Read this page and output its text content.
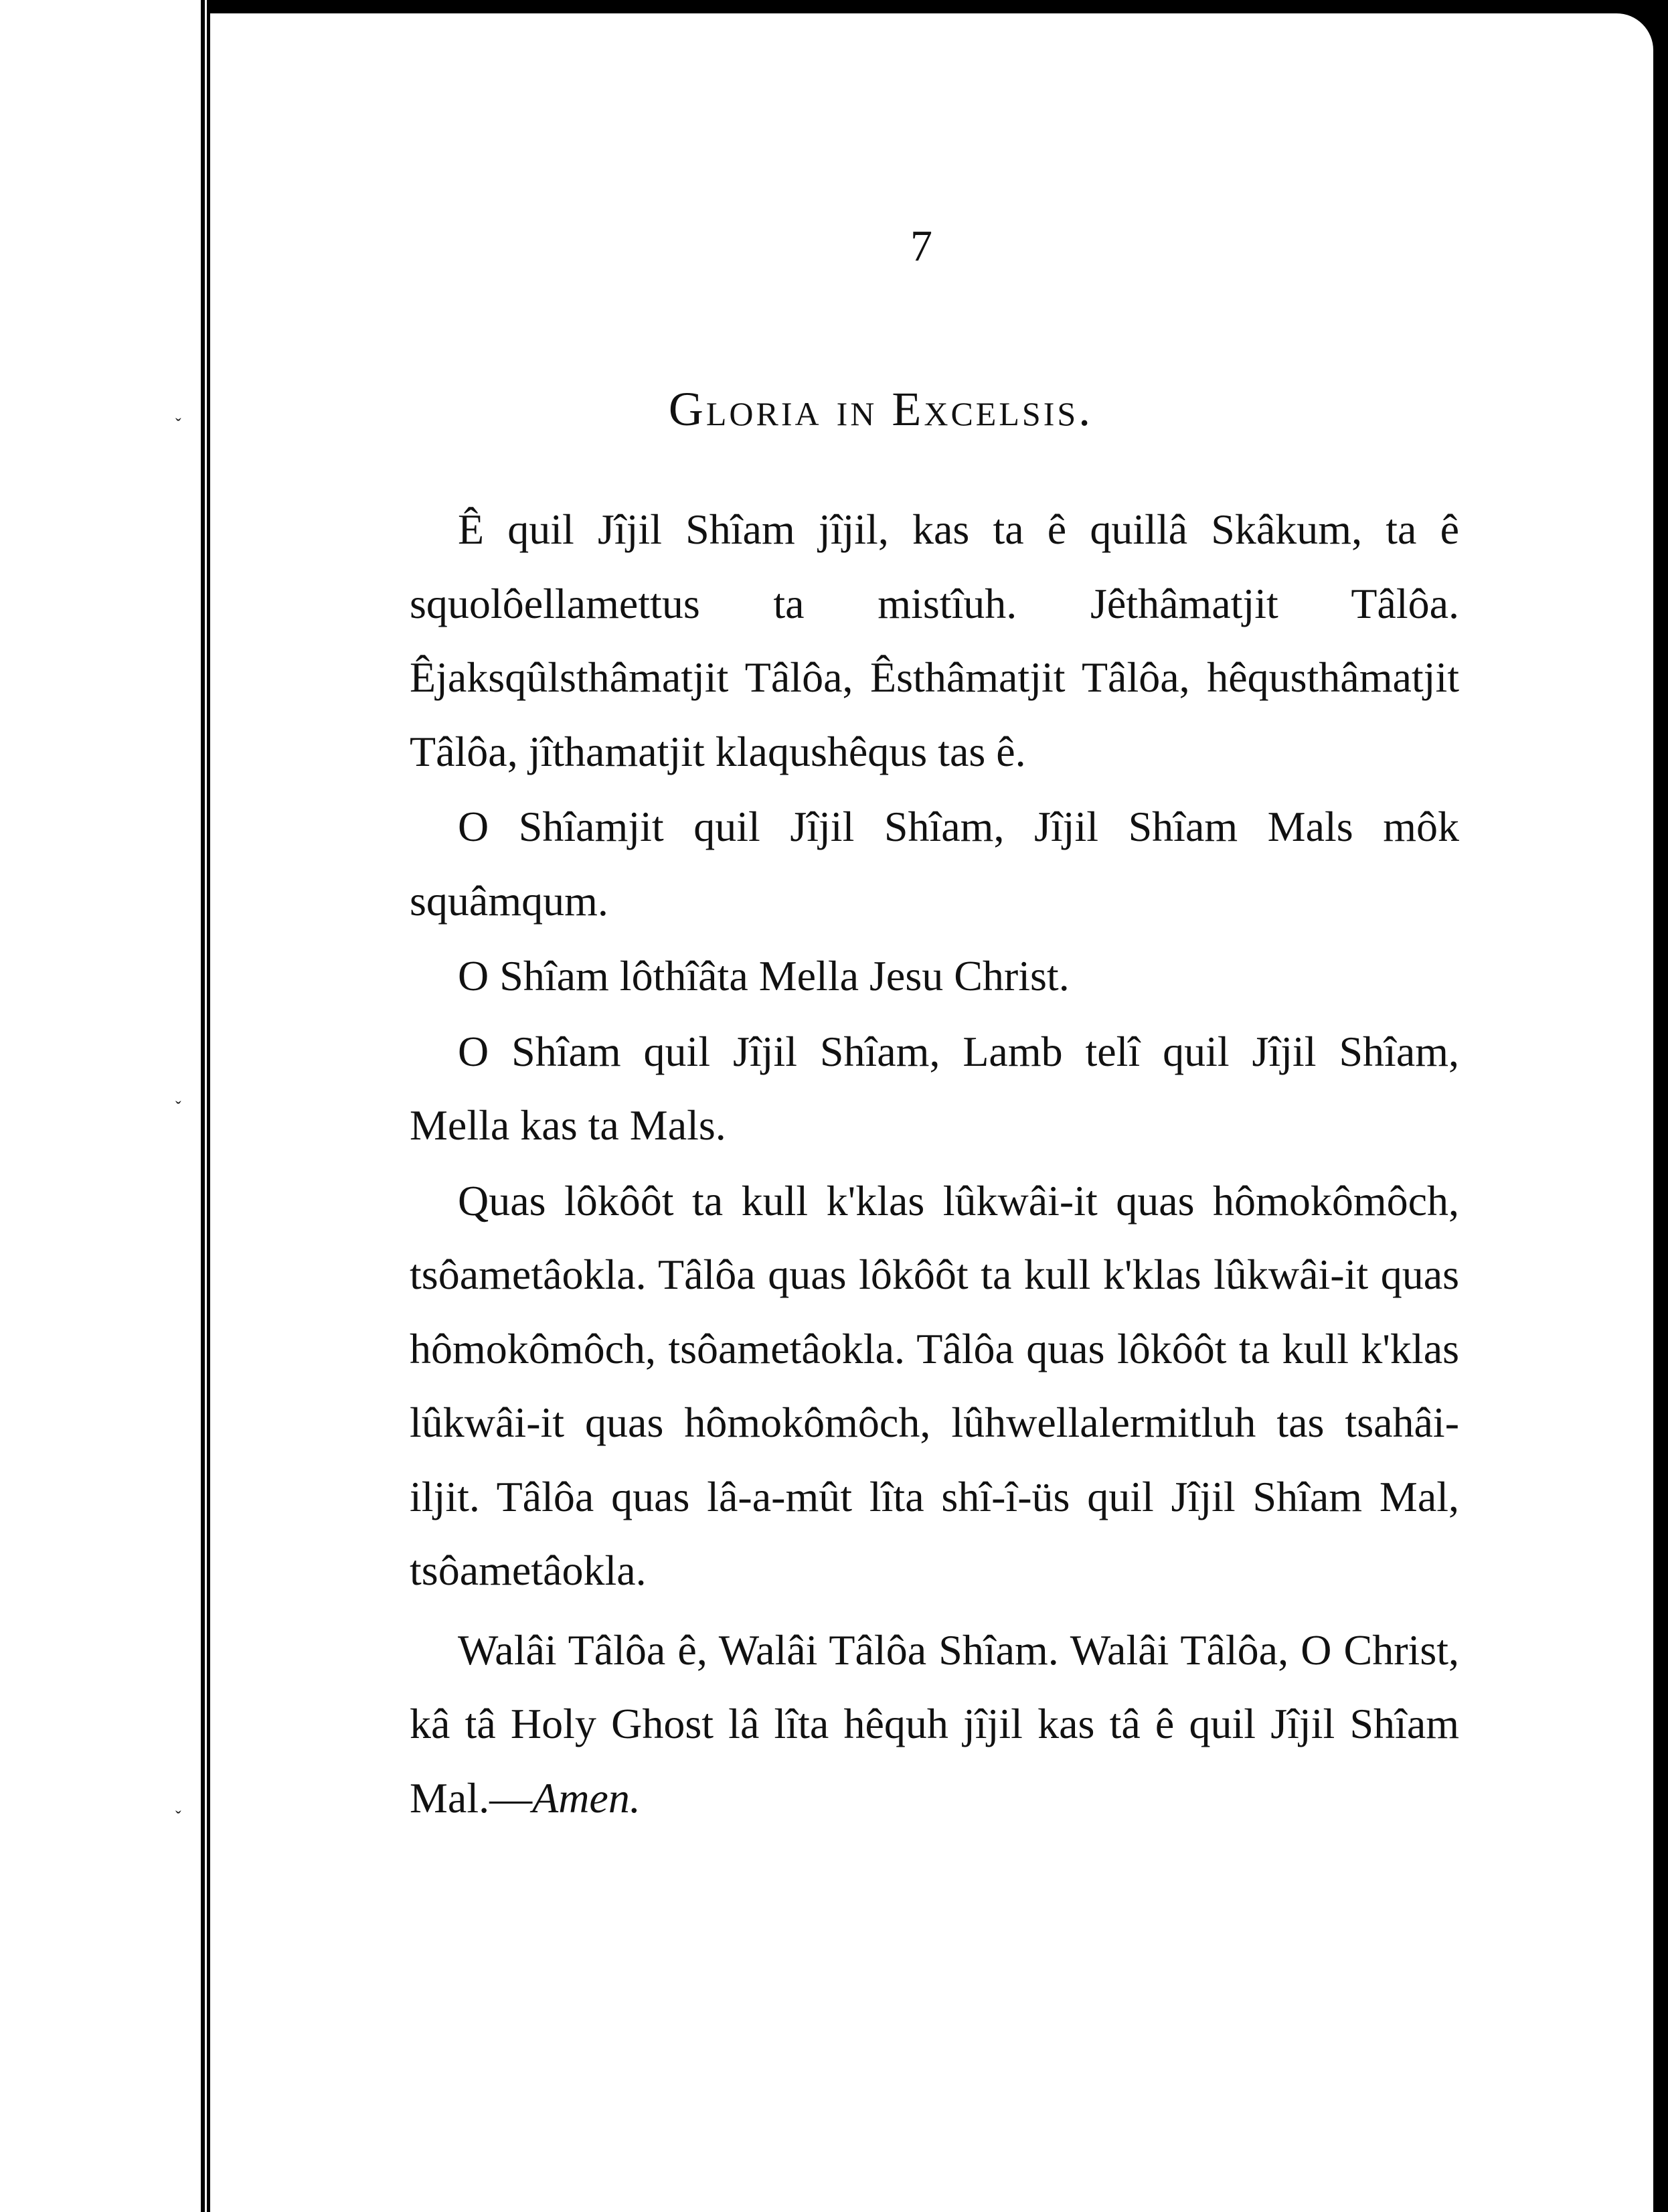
ˇ
ˇ
ˇ
7
Gloria in Excelsis.

Ê quil Jîjil Shîam jîjil, kas ta ê quillâ Skâkum, ta ê squolôellamettus ta mistîuh. Jêthâmatjit Tâlôa. Êjaksqûlsthâmatjit Tâlôa, Êsthâmatjit Tâlôa, hêqusthâmatjit Tâlôa, jîthamatjit klaqushêqus tas ê.

O Shîamjit quil Jîjil Shîam, Jîjil Shîam Mals môk squâmqum.

O Shîam lôthîâta Mella Jesu Christ.

O Shîam quil Jîjil Shîam, Lamb telî quil Jîjil Shîam, Mella kas ta Mals.

Quas lôkôôt ta kull k'klas lûkwâi-it quas hômokômôch, tsôametâokla. Tâlôa quas lôkôôt ta kull k'klas lûkwâi-it quas hômokômôch, tsôametâokla. Tâlôa quas lôkôôt ta kull k'klas lûkwâi-it quas hômokômôch, lûhwellalermitluh tas tsahâi-iljit. Tâlôa quas lâ-a-mût lîta shî-î-üs quil Jîjil Shîam Mal, tsôametâokla.

Walâi Tâlôa ê, Walâi Tâlôa Shîam. Walâi Tâlôa, O Christ, kâ tâ Holy Ghost lâ lîta hêquh jîjil kas tâ ê quil Jîjil Shîam Mal.—Amen.
